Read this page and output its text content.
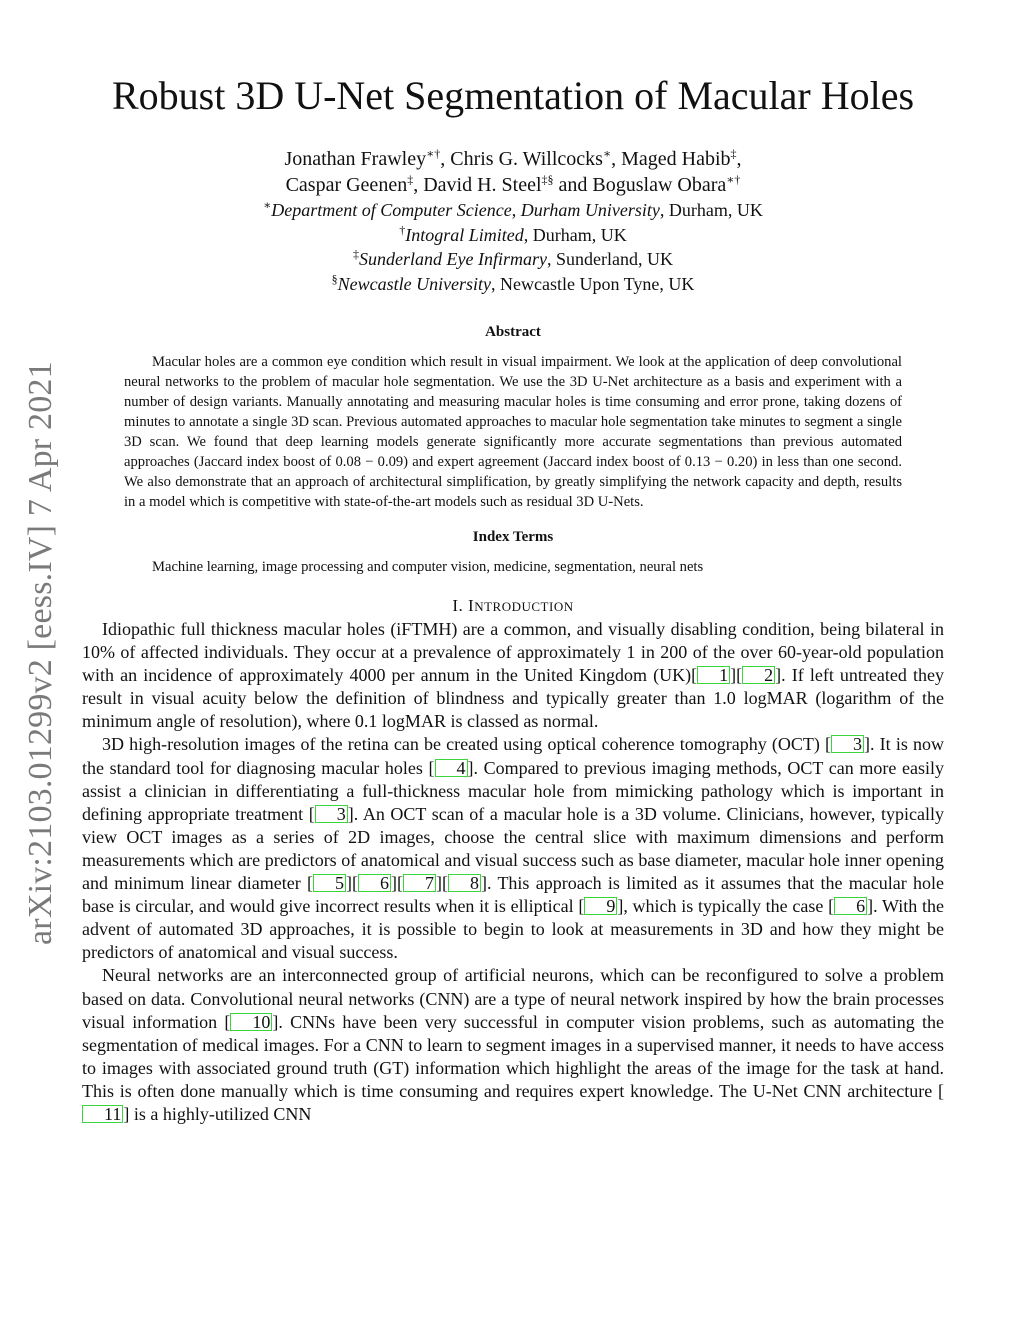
arXiv:2103.01299v2 [eess.IV] 7 Apr 2021
Robust 3D U-Net Segmentation of Macular Holes
Jonathan Frawley∗†, Chris G. Willcocks∗, Maged Habib‡,
Caspar Geenen‡, David H. Steel‡§ and Boguslaw Obara∗†
∗Department of Computer Science, Durham University, Durham, UK
†Intogral Limited, Durham, UK
‡Sunderland Eye Infirmary, Sunderland, UK
§Newcastle University, Newcastle Upon Tyne, UK
Abstract
Macular holes are a common eye condition which result in visual impairment. We look at the application of deep convolutional neural networks to the problem of macular hole segmentation. We use the 3D U-Net architecture as a basis and experiment with a number of design variants. Manually annotating and measuring macular holes is time consuming and error prone, taking dozens of minutes to annotate a single 3D scan. Previous automated approaches to macular hole segmentation take minutes to segment a single 3D scan. We found that deep learning models generate significantly more accurate segmentations than previous automated approaches (Jaccard index boost of 0.08 − 0.09) and expert agreement (Jaccard index boost of 0.13 − 0.20) in less than one second. We also demonstrate that an approach of architectural simplification, by greatly simplifying the network capacity and depth, results in a model which is competitive with state-of-the-art models such as residual 3D U-Nets.
Index Terms
Machine learning, image processing and computer vision, medicine, segmentation, neural nets
I. INTRODUCTION

Idiopathic full thickness macular holes (iFTMH) are a common, and visually disabling condition, being bilateral in 10% of affected individuals. They occur at a prevalence of approximately 1 in 200 of the over 60-year-old population with an incidence of approximately 4000 per annum in the United Kingdom (UK)[ 1 ][ 2 ]. If left untreated they result in visual acuity below the definition of blindness and typically greater than 1.0 logMAR (logarithm of the minimum angle of resolution), where 0.1 logMAR is classed as normal.

3D high-resolution images of the retina can be created using optical coherence tomography (OCT) [ 3 ]. It is now the standard tool for diagnosing macular holes [ 4 ]. Compared to previous imaging methods, OCT can more easily assist a clinician in differentiating a full-thickness macular hole from mimicking pathology which is important in defining appropriate treatment [ 3 ]. An OCT scan of a macular hole is a 3D volume. Clinicians, however, typically view OCT images as a series of 2D images, choose the central slice with maximum dimensions and perform measurements which are predictors of anatomical and visual success such as base diameter, macular hole inner opening and minimum linear diameter [ 5 ][ 6 ][ 7 ][ 8 ]. This approach is limited as it assumes that the macular hole base is circular, and would give incorrect results when it is elliptical [ 9 ], which is typically the case [ 6 ]. With the advent of automated 3D approaches, it is possible to begin to look at measurements in 3D and how they might be predictors of anatomical and visual success.

Neural networks are an interconnected group of artificial neurons, which can be reconfigured to solve a problem based on data. Convolutional neural networks (CNN) are a type of neural network inspired by how the brain processes visual information [ 10 ]. CNNs have been very successful in computer vision problems, such as automating the segmentation of medical images. For a CNN to learn to segment images in a supervised manner, it needs to have access to images with associated ground truth (GT) information which highlight the areas of the image for the task at hand. This is often done manually which is time consuming and requires expert knowledge. The U-Net CNN architecture [11 ] is a highly-utilized CNN
